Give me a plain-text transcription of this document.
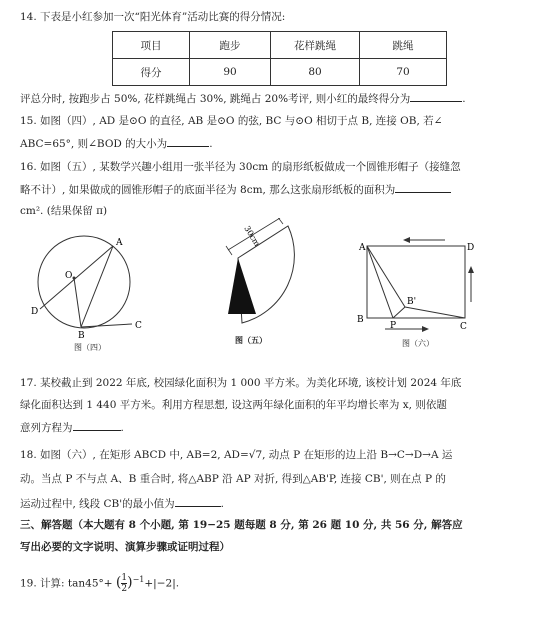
14. 下表是小红参加一次“阳光体育”活动比赛的得分情况:
项目	跑步	花样跳绳	跳绳
得分	90	80	70
评总分时, 按跑步占 50%, 花样跳绳占 30%, 跳绳占 20%考评, 则小红的最终得分为	.
15. 如图（四）, AD 是⊙O 的直径, AB 是⊙O 的弦, BC 与⊙O 相切于点 B, 连接 OB, 若∠
ABC=65°, 则∠BOD 的大小为	.
16. 如图（五）, 某数学兴趣小组用一张半径为 30cm 的扇形纸板做成一个圆锥形帽子（接缝忽
略不计）, 如果做成的圆锥形帽子的底面半径为 8cm, 那么这张扇形纸板的面积为
cm². (结果保留 π)
A
O
D
B
C
图（四）
30cm
图（五）
A	D
B
C
P
B'
图（六）
17. 某校截止到 2022 年底, 校园绿化面积为 1 000 平方米。为美化环境, 该校计划 2024 年底
绿化面积达到 1 440 平方米。利用方程思想, 设这两年绿化面积的年平均增长率为 x, 则依题
意列方程为	.
18. 如图（六）, 在矩形 ABCD 中, AB=2, AD=√7, 动点 P 在矩形的边上沿 B→C→D→A 运
动。当点 P 不与点 A、B 重合时, 将△ABP 沿 AP 对折, 得到△AB'P, 连接 CB', 则在点 P 的
运动过程中, 线段 CB'的最小值为	.
三、解答题（本大题有 8 个小题, 第 19−25 题每题 8 分, 第 26 题 10 分, 共 56 分, 解答应
写出必要的文字说明、演算步骤或证明过程）
19. 计算: tan45°+ ( $\frac{1}{2} )^{-1}+|-2|$.
